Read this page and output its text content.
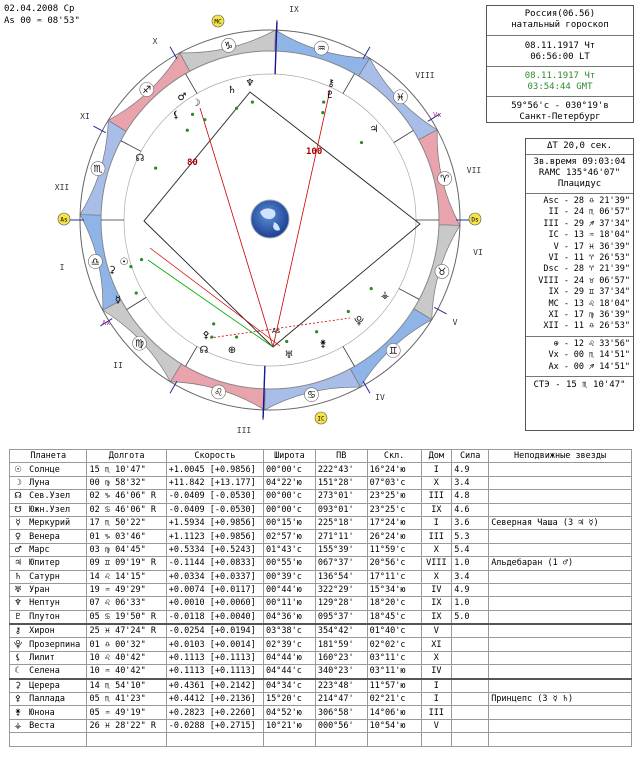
02.04.2008 Ср
As 00 ♒ 08'53"
♎
♏
♐
♑	♒
♓
♈
♉
♊
♋
♌
♍
I
II
III
IV
V
VI
VII
VIII
IX
X
XI
XII
80
100
♂
☽
♄
♆
⚸
⚷
♇
♃
☊
☉
☿
⚳
⚴
☊ ⊕	♅
⚵
⚶
⯓
As
Vx
Ax
MC
IC
As	Ds
Россия(06.56)
натальный гороскоп
08.11.1917 Чт
06:56:00 LT
08.11.1917 Чт
03:54:44 GMT
59°56'с - 030°19'в
Санкт-Петербург
ΔT 20,0 сек.
Зв.время 09:03:04
RAMC 135°46'07"
Плацидус
Asc - 28 ♎ 21'39"
II - 24 ♏ 06'57"
III - 29 ♐ 37'34"
IC - 13 ♒ 18'04"
V - 17 ♓ 36'39"
VI - 11 ♈ 26'53"
Dsc - 28 ♈ 21'39"
VIII - 24 ♉ 06'57"
IX - 29 ♊ 37'34"
MC - 13 ♌ 18'04"
XI - 17 ♍ 36'39"
XII - 11 ♎ 26'53"
⊕ - 12 ♌ 33'56"
Vx - 00 ♏ 14'51"
Ax - 00 ♐ 14'51"
СТЭ - 15 ♏ 10'47"
Планета	Долгота	Скорость	Широта	ПВ	Скл.	Дом	Сила	Неподвижные звезды
☉ Солнце	15 ♏ 10'47"	+1.0045 [+0.9856]	00°00'с	222°43'	16°24'ю	I	4.9	
☽ Луна	00 ♍ 58'32"	+11.842 [+13.177]	04°22'ю	151°28'	07°03'с	X	3.4	
☊ Сев.Узел	02 ♑ 46'06" R	-0.0409 [-0.0530]	00°00'с	273°01'	23°25'ю	III	4.8	
☋ Южн.Узел	02 ♋ 46'06" R	-0.0409 [-0.0530]	00°00'с	093°01'	23°25'с	IX	4.6	
☿ Меркурий	17 ♏ 50'22"	+1.5934 [+0.9856]	00°15'ю	225°18'	17°24'ю	I	3.6	Северная Чаша (3 ♃ ☿)
♀ Венера	01 ♑ 03'46"	+1.1123 [+0.9856]	02°57'ю	271°11'	26°24'ю	III	5.3	
♂ Марс	03 ♍ 04'45"	+0.5334 [+0.5243]	01°43'с	155°39'	11°59'с	X	5.4	
♃ Юпитер	09 ♊ 09'19" R	-0.1144 [+0.0833]	00°55'ю	067°37'	20°56'с	VIII	1.0	Альдебаран (1 ♂)
♄ Сатурн	14 ♌ 14'15"	+0.0334 [+0.0337]	00°39'с	136°54'	17°11'с	X	3.4	
♅ Уран	19 ♒ 49'29"	+0.0074 [+0.0117]	00°44'ю	322°29'	15°34'ю	IV	4.9	
♆ Нептун	07 ♌ 06'33"	+0.0010 [+0.0060]	00°11'ю	129°28'	18°20'с	IX	1.0	
♇ Плутон	05 ♋ 19'50" R	-0.0118 [+0.0040]	04°36'ю	095°37'	18°45'с	IX	5.0	
⚷ Хирон	25 ♓ 47'24" R	-0.0254 [+0.0194]	03°38'с	354°42'	01°40'с	V		
⯓ Прозерпина	01 ♎ 00'32"	+0.0103 [+0.0014]	02°39'с	181°59'	02°02'с	XI		
⚸ Лилит	10 ♌ 40'42"	+0.1113 [+0.1113]	04°44'ю	160°23'	03°11'с	X		
☾ Селена	10 ♒ 40'42"	+0.1113 [+0.1113]	04°44'с	340°23'	03°11'ю	IV		
⚳ Церера	14 ♏ 54'10"	+0.4361 [+0.2142]	04°34'с	223°48'	11°57'ю	I		
⚴ Паллада	05 ♏ 41'23"	+0.4412 [+0.2136]	15°20'с	214°47'	02°21'с	I		Принцепс (3 ☿ ♄)
⚵ Юнона	05 ♒ 49'19"	+0.2823 [+0.2260]	04°52'ю	306°58'	14°06'ю	III		
⚶ Веста	26 ♓ 28'22" R	-0.0288 [+0.2715]	10°21'ю	000°56'	10°54'ю	V		
